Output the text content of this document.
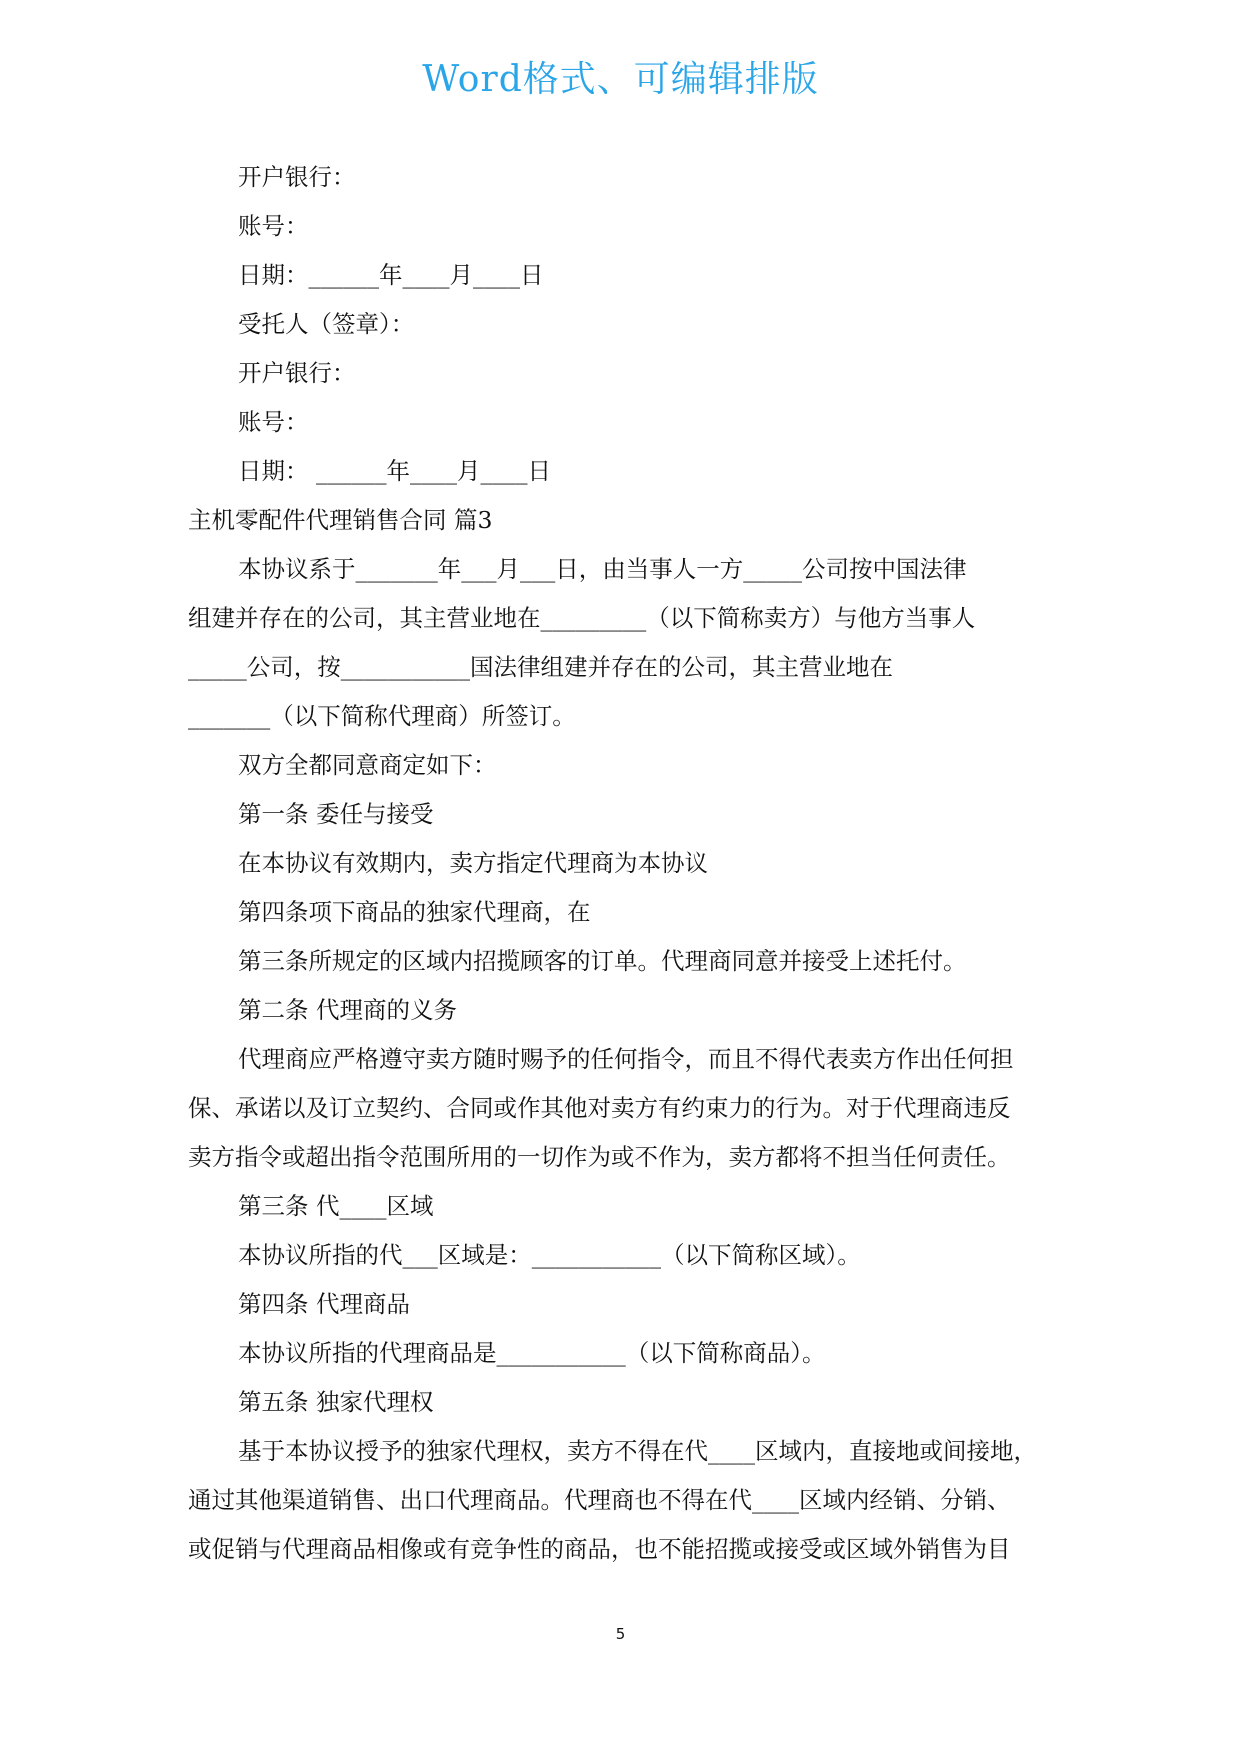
Word格式、可编辑排版

开户银行：

账号：

日期：______年____月____日

受托人（签章）：

开户银行：

账号：

日期： ______年____月____日

主机零配件代理销售合同 篇3

本协议系于_______年___月___日，由当事人一方_____公司按中国法律

组建并存在的公司，其主营业地在_________（以下简称卖方）与他方当事人

_____公司，按___________国法律组建并存在的公司，其主营业地在

_______（以下简称代理商）所签订。

双方全都同意商定如下：

第一条 委任与接受

在本协议有效期内，卖方指定代理商为本协议

第四条项下商品的独家代理商，在

第三条所规定的区域内招揽顾客的订单。代理商同意并接受上述托付。

第二条 代理商的义务

代理商应严格遵守卖方随时赐予的任何指令，而且不得代表卖方作出任何担

保、承诺以及订立契约、合同或作其他对卖方有约束力的行为。对于代理商违反

卖方指令或超出指令范围所用的一切作为或不作为，卖方都将不担当任何责任。

第三条 代____区域

本协议所指的代___区域是：___________（以下简称区域）。

第四条 代理商品

本协议所指的代理商品是___________（以下简称商品）。

第五条 独家代理权

基于本协议授予的独家代理权，卖方不得在代____区域内，直接地或间接地，

通过其他渠道销售、出口代理商品。代理商也不得在代____区域内经销、分销、

或促销与代理商品相像或有竞争性的商品，也不能招揽或接受或区域外销售为目

5
